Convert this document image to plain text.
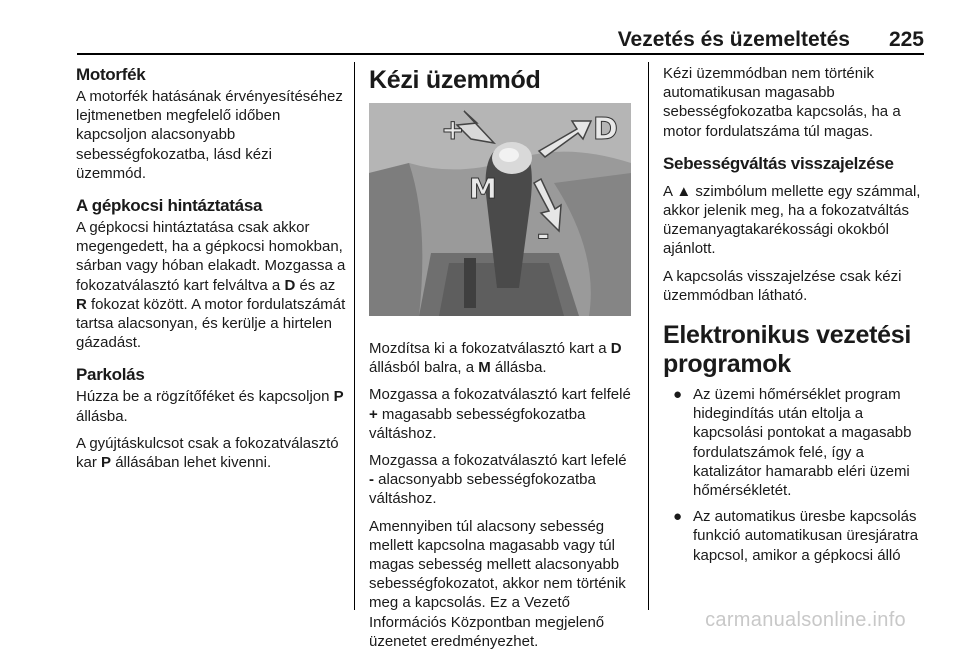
Vezetés és üzemeltetés 225
Motorfék

A motorfék hatásának érvényesítéséhez lejtmenetben megfelelő időben kapcsoljon alacsonyabb sebességfokozatba, lásd kézi üzemmód.

A gépkocsi hintáztatása

A gépkocsi hintáztatása csak akkor megengedett, ha a gépkocsi homokban, sárban vagy hóban elakadt. Mozgassa a fokozatválasztó kart felváltva a D és az R fokozat között. A motor fordulatszámát tartsa alacsonyan, és kerülje a hirtelen gázadást.

Parkolás

Húzza be a rögzítőféket és kapcsoljon P állásba.

A gyújtáskulcsot csak a fokozatválasztó kar P állásában lehet kivenni.

Kézi üzemmód
+	D
M
-

Mozdítsa ki a fokozatválasztó kart a D állásból balra, a M állásba.

Mozgassa a fokozatválasztó kart felfelé + magasabb sebességfokozatba váltáshoz.

Mozgassa a fokozatválasztó kart lefelé - alacsonyabb sebességfokozatba váltáshoz.

Amennyiben túl alacsony sebesség mellett kapcsolna magasabb vagy túl magas sebesség mellett alacsonyabb sebességfokozatot, akkor nem történik meg a kapcsolás. Ez a Vezető Információs Központban megjelenő üzenetet eredményezhet.

Kézi üzemmódban nem történik automatikusan magasabb sebességfokozatba kapcsolás, ha a motor fordulatszáma túl magas.

Sebességváltás visszajelzése

A ▲ szimbólum mellette egy számmal, akkor jelenik meg, ha a fokozatváltás üzemanyagtakarékossági okokból ajánlott.

A kapcsolás visszajelzése csak kézi üzemmódban látható.

Elektronikus vezetési programok
● Az üzemi hőmérséklet program hidegindítás után eltolja a kapcsolási pontokat a magasabb fordulatszámok felé, így a katalizátor hamarabb eléri üzemi hőmérsékletét.
● Az automatikus üresbe kapcsolás funkció automatikusan üresjáratra kapcsol, amikor a gépkocsi álló
carmanualsonline.info
